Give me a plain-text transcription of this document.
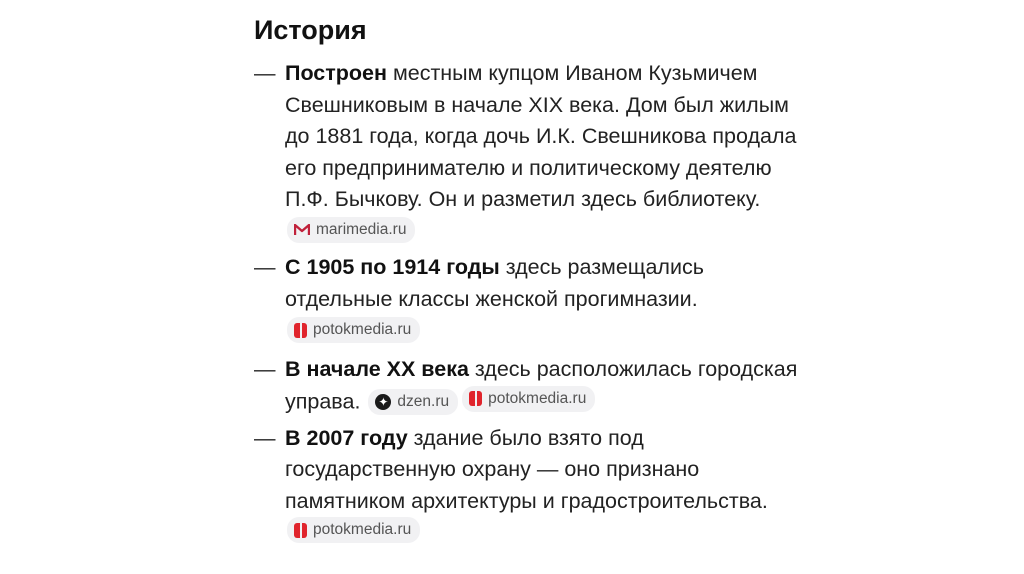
История
— Построен местным купцом Иваном Кузьмичем Свешниковым в начале XIX века. Дом был жилым до 1881 года, когда дочь И.К. Свешникова продала его предпринимателю и политическому деятелю П.Ф. Бычкову. Он и разметил здесь библиотеку.
marimedia.ru
— С 1905 по 1914 годы здесь размещались отдельные классы женской прогимназии.
potokmedia.ru
— В начале XX века здесь расположилась городская управа. ✦ dzen.ru	potokmedia.ru
— В 2007 году здание было взято под государственную охрану — оно признано памятником архитектуры и градостроительства.
potokmedia.ru
